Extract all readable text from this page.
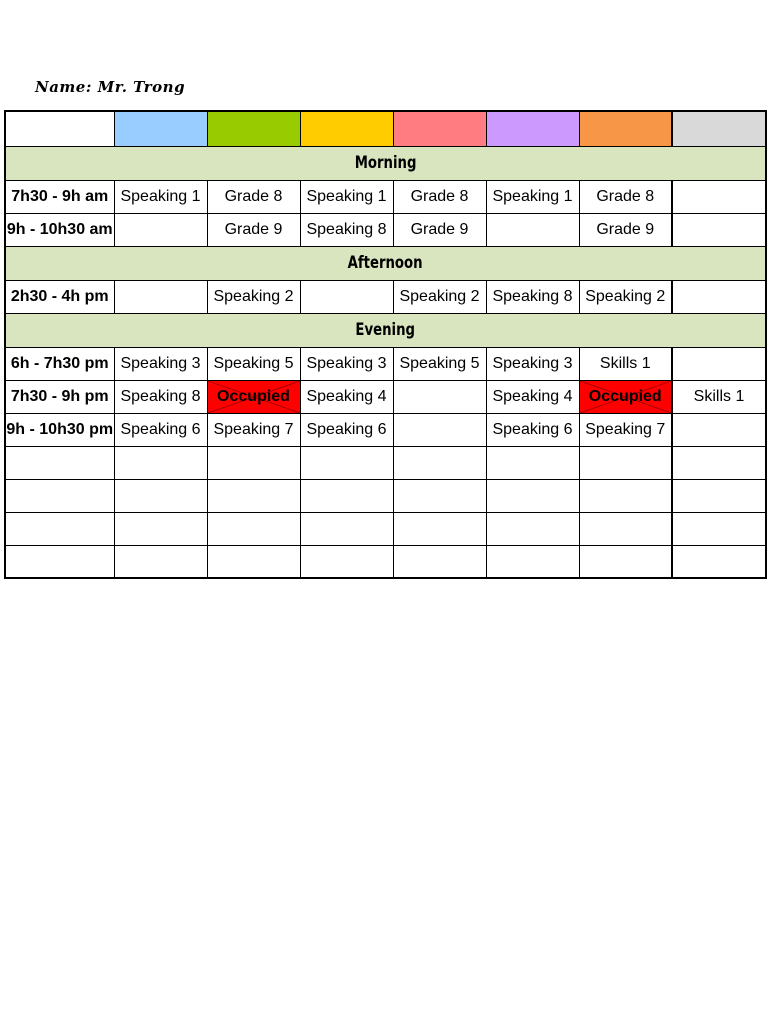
Name: Mr. Trong

Morning							
7h30 - 9h am	Speaking 1	Grade 8	Speaking 1	Grade 8	Speaking 1	Grade 8	
9h - 10h30 am		Grade 9	Speaking 8	Grade 9		Grade 9	
Afternoon							
2h30 - 4h pm		Speaking 2		Speaking 2	Speaking 8	Speaking 2	
Evening							
6h - 7h30 pm	Speaking 3	Speaking 5	Speaking 3	Speaking 5	Speaking 3	Skills 1	
7h30 - 9h pm	Speaking 8	Occupied	Speaking 4		Speaking 4	Occupied	Skills 1
9h - 10h30 pm	Speaking 6	Speaking 7	Speaking 6		Speaking 6	Speaking 7	
